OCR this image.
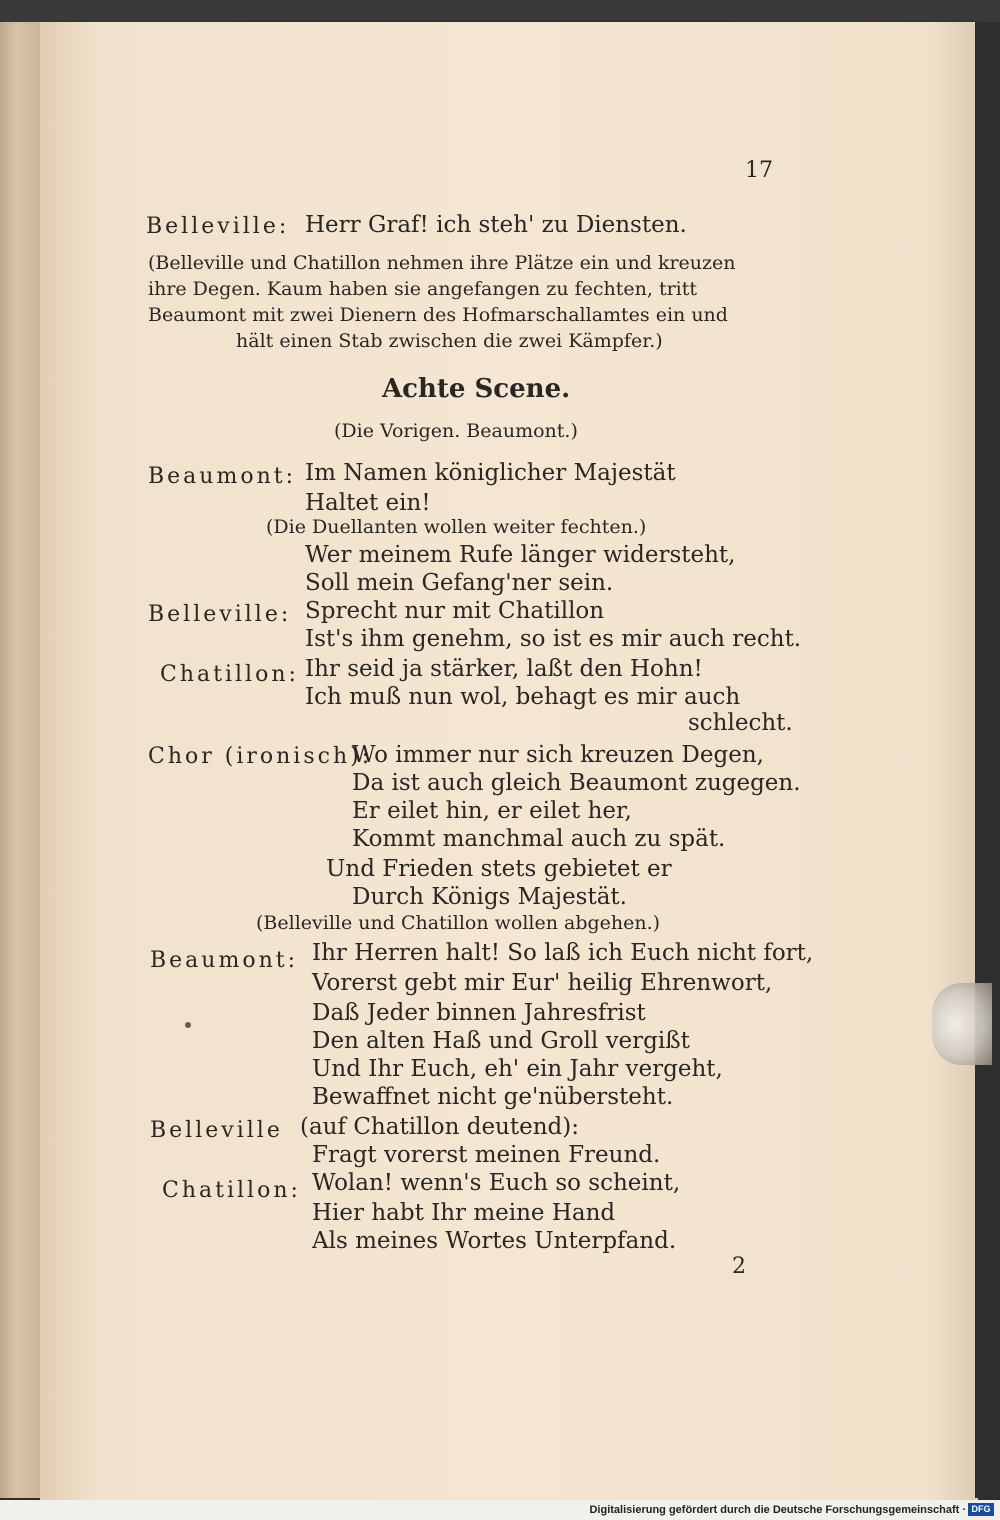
17
Belleville: Herr Graf! ich steh' zu Diensten.
(Belleville und Chatillon nehmen ihre Plätze ein und kreuzen
ihre Degen. Kaum haben sie angefangen zu fechten, tritt
Beaumont mit zwei Dienern des Hofmarschallamtes ein und
hält einen Stab zwischen die zwei Kämpfer.)
Achte Scene.
(Die Vorigen. Beaumont.)
Beaumont: Im Namen königlicher Majestät
Haltet ein!
(Die Duellanten wollen weiter fechten.)
Wer meinem Rufe länger widersteht,
Soll mein Gefang'ner sein.
Belleville: Sprecht nur mit Chatillon
Ist's ihm genehm, so ist es mir auch recht.
Chatillon: Ihr seid ja stärker, laßt den Hohn!
Ich muß nun wol, behagt es mir auch
schlecht.
Chor (ironisch):
Wo immer nur sich kreuzen Degen,
Da ist auch gleich Beaumont zugegen.
Er eilet hin, er eilet her,
Kommt manchmal auch zu spät.
Und Frieden stets gebietet er
Durch Königs Majestät.
(Belleville und Chatillon wollen abgehen.)
Beaumont: Ihr Herren halt! So laß ich Euch nicht fort,
Vorerst gebt mir Eur' heilig Ehrenwort,
Daß Jeder binnen Jahresfrist
Den alten Haß und Groll vergißt
Und Ihr Euch, eh' ein Jahr vergeht,
Bewaffnet nicht ge'nübersteht.
Belleville (auf Chatillon deutend):
Fragt vorerst meinen Freund.
Chatillon: Wolan! wenn's Euch so scheint,
Hier habt Ihr meine Hand
Als meines Wortes Unterpfand.
2
Digitalisierung gefördert durch die Deutsche Forschungsgemeinschaft · DFG
